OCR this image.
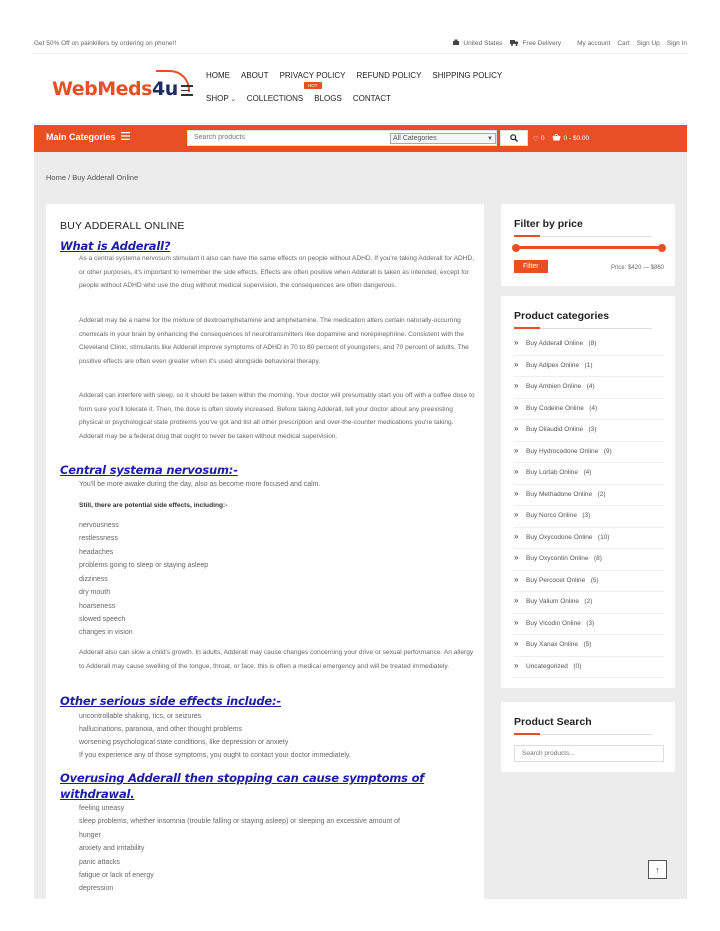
Get 50% Off on painkillers by ordering on phone!!	United States	Free Delivery My account Cart Sign Up Sign In
WebMeds4u
HOME ABOUT PRIVACY POLICY REFUND POLICY SHIPPING POLICY
HOT
SHOP ⌄ COLLECTIONS BLOGS CONTACT
Main Categories
Search products	All Categories	▼	♡ 0	0 - $0.00
Home / Buy Adderall Online
BUY ADDERALL ONLINE
What is Adderall?
As a central systema nervosum stimulant it also can have the same effects on people without ADHD. If you're taking Adderall for ADHD, or other purposes, it's important to remember the side effects. Effects are often positive when Adderall is taken as intended, except for people without ADHD who use the drug without medical supervision, the consequences are often dangerous.
Adderall may be a name for the mixture of dextroamphetamine and amphetamine. The medication alters certain naturally-occurring chemicals in your brain by enhancing the consequences of neurotransmitters like dopamine and norepinephrine. Consistent with the Cleveland Clinic, stimulants like Adderall improve symptoms of ADHD in 70 to 80 percent of youngsters, and 70 percent of adults. The positive effects are often even greater when it's used alongside behavioral therapy.
Adderall can interfere with sleep, so it should be taken within the morning. Your doctor will presumably start you off with a coffee dose to form sure you'll tolerate it. Then, the dose is often slowly increased. Before taking Adderall, tell your doctor about any preexisting physical or psychological state problems you've got and list all other prescription and over-the-counter medications you're taking. Adderall may be a federal drug that ought to never be taken without medical supervision.
Central systema nervosum:-
You'll be more awake during the day, also as become more focused and calm.
Still, there are potential side effects, including:-
nervousness
restlessness
headaches
problems going to sleep or staying asleep
dizziness
dry mouth
hoarseness
slowed speech
changes in vision
Adderall also can slow a child's growth. In adults, Adderall may cause changes concerning your drive or sexual performance. An allergy to Adderall may cause swelling of the tongue, throat, or face, this is often a medical emergency and will be treated immediately.
Other serious side effects include:-
uncontrollable shaking, tics, or seizures
hallucinations, paranoia, and other thought problems
worsening psychological state conditions, like depression or anxiety
If you experience any of those symptoms, you ought to contact your doctor immediately.
Overusing Adderall then stopping can cause symptoms of withdrawal.
feeling uneasy
sleep problems, whether insomnia (trouble falling or staying asleep) or sleeping an excessive amount of
hunger
anxiety and irritability
panic attacks
fatigue or lack of energy
depression
Filter by price
Filter	Price: $420 — $860
Product categories
» Buy Adderall Online (8)
» Buy Adipex Online (1)
» Buy Ambien Online (4)
» Buy Codeine Online (4)
» Buy Dilaudid Online (3)
» Buy Hydrocodone Online (9)
» Buy Lortab Online (4)
» Buy Methadone Online (2)
» Buy Norco Online (3)
» Buy Oxycodone Online (10)
» Buy Oxycontin Online (8)
» Buy Percocet Online (5)
» Buy Valium Online (2)
» Buy Vicodin Online (3)
» Buy Xanax Online (5)
» Uncategorized (0)
Product Search
Search products...
↑
